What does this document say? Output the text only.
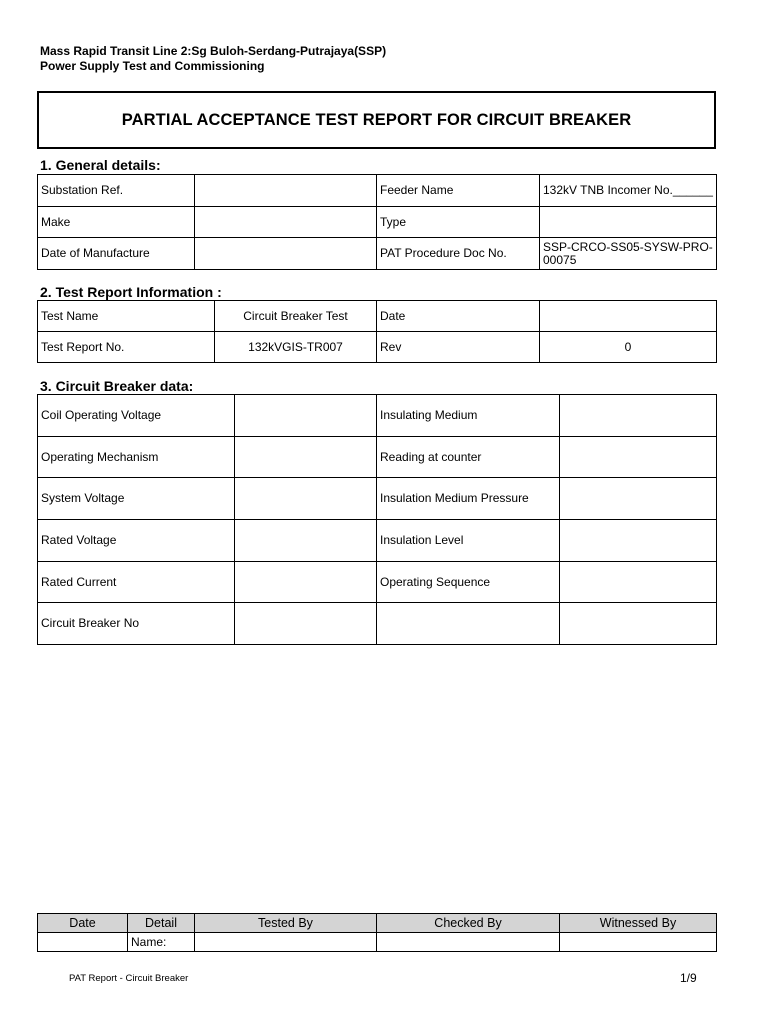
Mass Rapid Transit Line 2:Sg Buloh-Serdang-Putrajaya(SSP)
Power Supply Test and Commissioning
PARTIAL ACCEPTANCE TEST REPORT FOR CIRCUIT BREAKER
1. General details:
Substation Ref.		Feeder Name	132kV TNB Incomer No.______
Make		Type	
Date of Manufacture		PAT Procedure Doc No.	SSP-CRCO-SS05-SYSW-PRO-00075
2. Test Report Information :
Test Name	Circuit Breaker Test	Date	
Test Report No.	132kVGIS-TR007	Rev	0
3. Circuit Breaker data:
Coil Operating Voltage		Insulating Medium	
Operating Mechanism		Reading at counter	
System Voltage		Insulation Medium Pressure	
Rated Voltage		Insulation Level	
Rated Current		Operating Sequence	
Circuit Breaker No			
Date	Detail	Tested By	Checked By	Witnessed By
	Name:			
PAT Report - Circuit Breaker	1/9
